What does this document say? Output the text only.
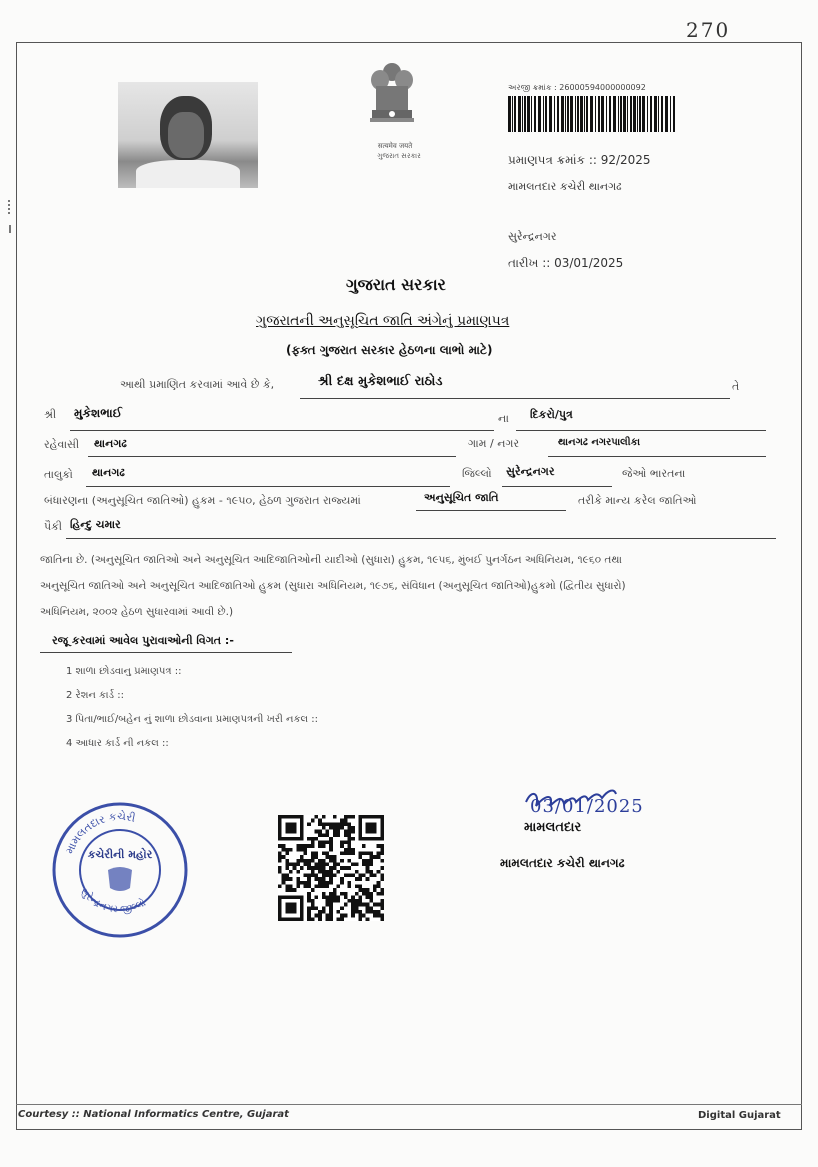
270
सत्यमेव जयते
ગુજરાત સરકાર
અરજી ક્રમાંક : 26000594000000092
પ્રમાણપત્ર ક્રમાંક :: 92/2025
મામલતદાર કચેરી થાનગઢ
સુરેન્દ્રનગર
તારીખ :: 03/01/2025
ગુજરાત સરકાર
ગુજરાતની અનુસૂચિત જાતિ અંગેનું પ્રમાણપત્ર
(ફક્ત ગુજરાત સરકાર હેઠળના લાભો માટે)
આથી પ્રમાણિત કરવામાં આવે છે કે,	શ્રી દક્ષ મુકેશભાઈ રાઠોડ	તે
શ્રી મુકેશભાઈ	ના દિકરો/પુત્ર
રહેવાસી થાનગઢ	ગામ / નગર	થાનગઢ નગરપાલીકા
તાલુકો થાનગઢ	જિલ્લો સુરેન્દ્રનગર	જેઓ ભારતના
બંધારણના (અનુસૂચિત જાતિઓ) હુકમ - ૧૯૫૦, હેઠળ ગુજરાત રાજ્યમાં	અનુસૂચિત જાતિ	તરીકે માન્ય કરેલ જાતિઓ
પૈકી હિન્દુ ચમાર
જાતિના છે. (અનુસૂચિત જાતિઓ અને અનુસૂચિત આદિજાતિઓની યાદીઓ (સુધારા) હુકમ, ૧૯૫૬, મુંબઈ પુનર્ગઠન અધિનિયમ, ૧૯૬૦ તથા
અનુસૂચિત જાતિઓ અને અનુસૂચિત આદિજાતિઓ હુકમ (સુધારા અધિનિયમ, ૧૯૭૬, સંવિધાન (અનુસૂચિત જાતિઓ)હુકમો (દ્વિતીય સુધારો)
અધિનિયમ, ૨૦૦૨ હેઠળ સુધારવામાં આવી છે.)
રજૂ કરવામાં આવેલ પુરાવાઓની વિગત :-
1 શાળા છોડવાનુ પ્રમાણપત્ર ::
2 રેશન કાર્ડ ::
3 પિતા/ભાઈ/બહેન નું શાળા છોડવાના પ્રમાણપત્રની ખરી નકલ ::
4 આધાર કાર્ડ ની નકલ ::
મામલતદાર કચેરી
સુરેન્દ્રનગર જીલ્લો
કચેરીની મહોર
03/01/2025
મામલતદાર
મામલતદાર કચેરી થાનગઢ
Courtesy :: National Informatics Centre, Gujarat	Digital Gujarat
